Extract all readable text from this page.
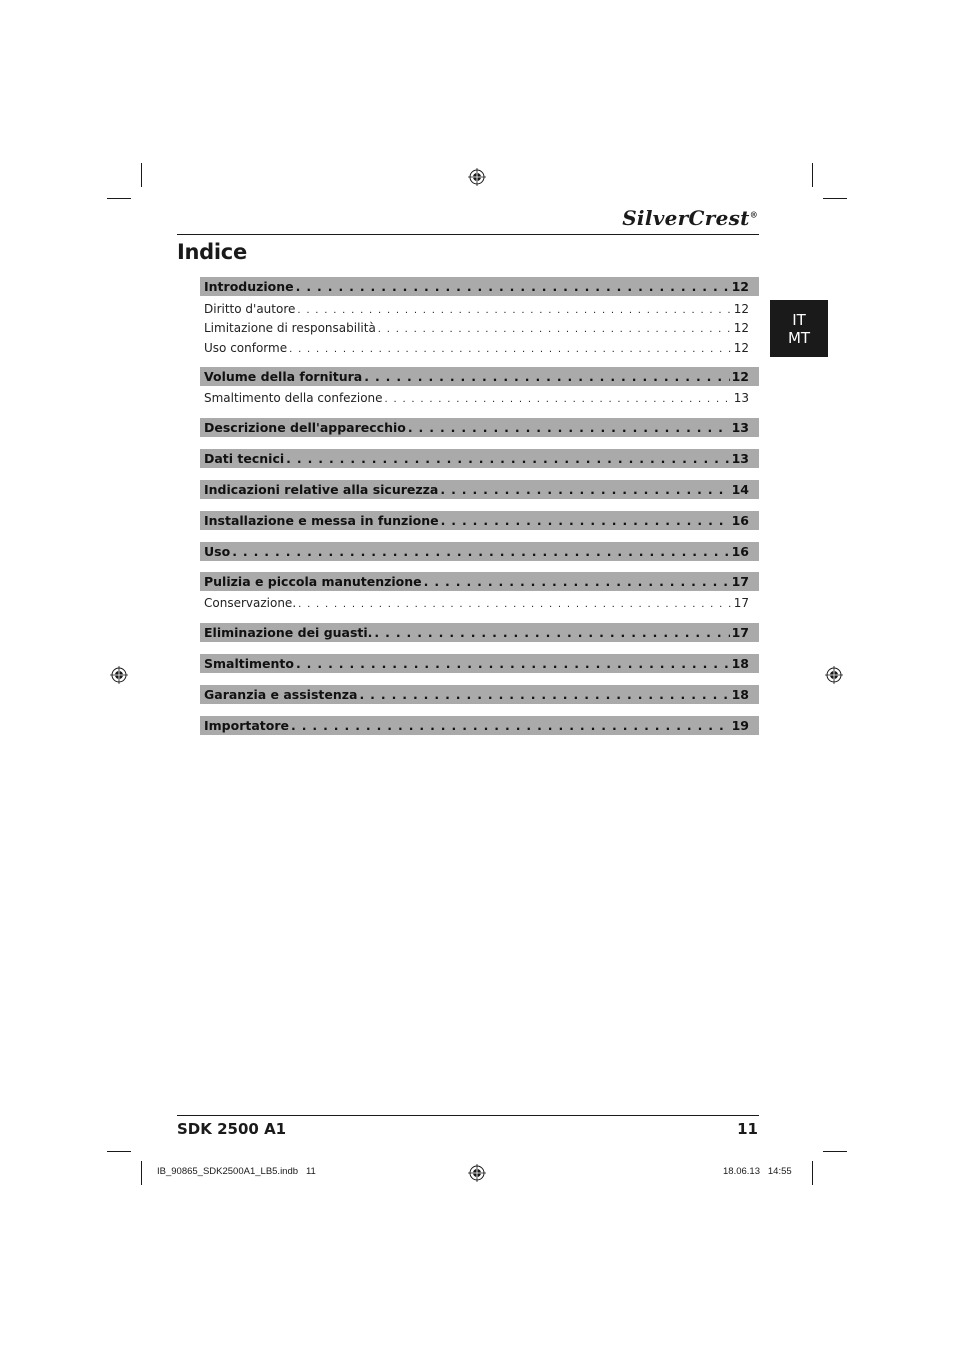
SilverCrest®
Indice
IT
MT
Introduzione . . .	12
Diritto d'autore . . .	12
Limitazione di responsabilità . . .	12
Uso conforme . . .	12
Volume della fornitura . . .	12
Smaltimento della confezione . . .	13
Descrizione dell'apparecchio . . .	13
Dati tecnici . . .	13
Indicazioni relative alla sicurezza . . .	14
Installazione e messa in funzione . . .	16
Uso . . .	16
Pulizia e piccola manutenzione . . .	17
Conservazione. . . .	17
Eliminazione dei guasti. . . .	17
Smaltimento . . .	18
Garanzia e assistenza . . .	18
Importatore . . .	19
SDK 2500 A1	11
IB_90865_SDK2500A1_LB5.indb   11	18.06.13   14:55
